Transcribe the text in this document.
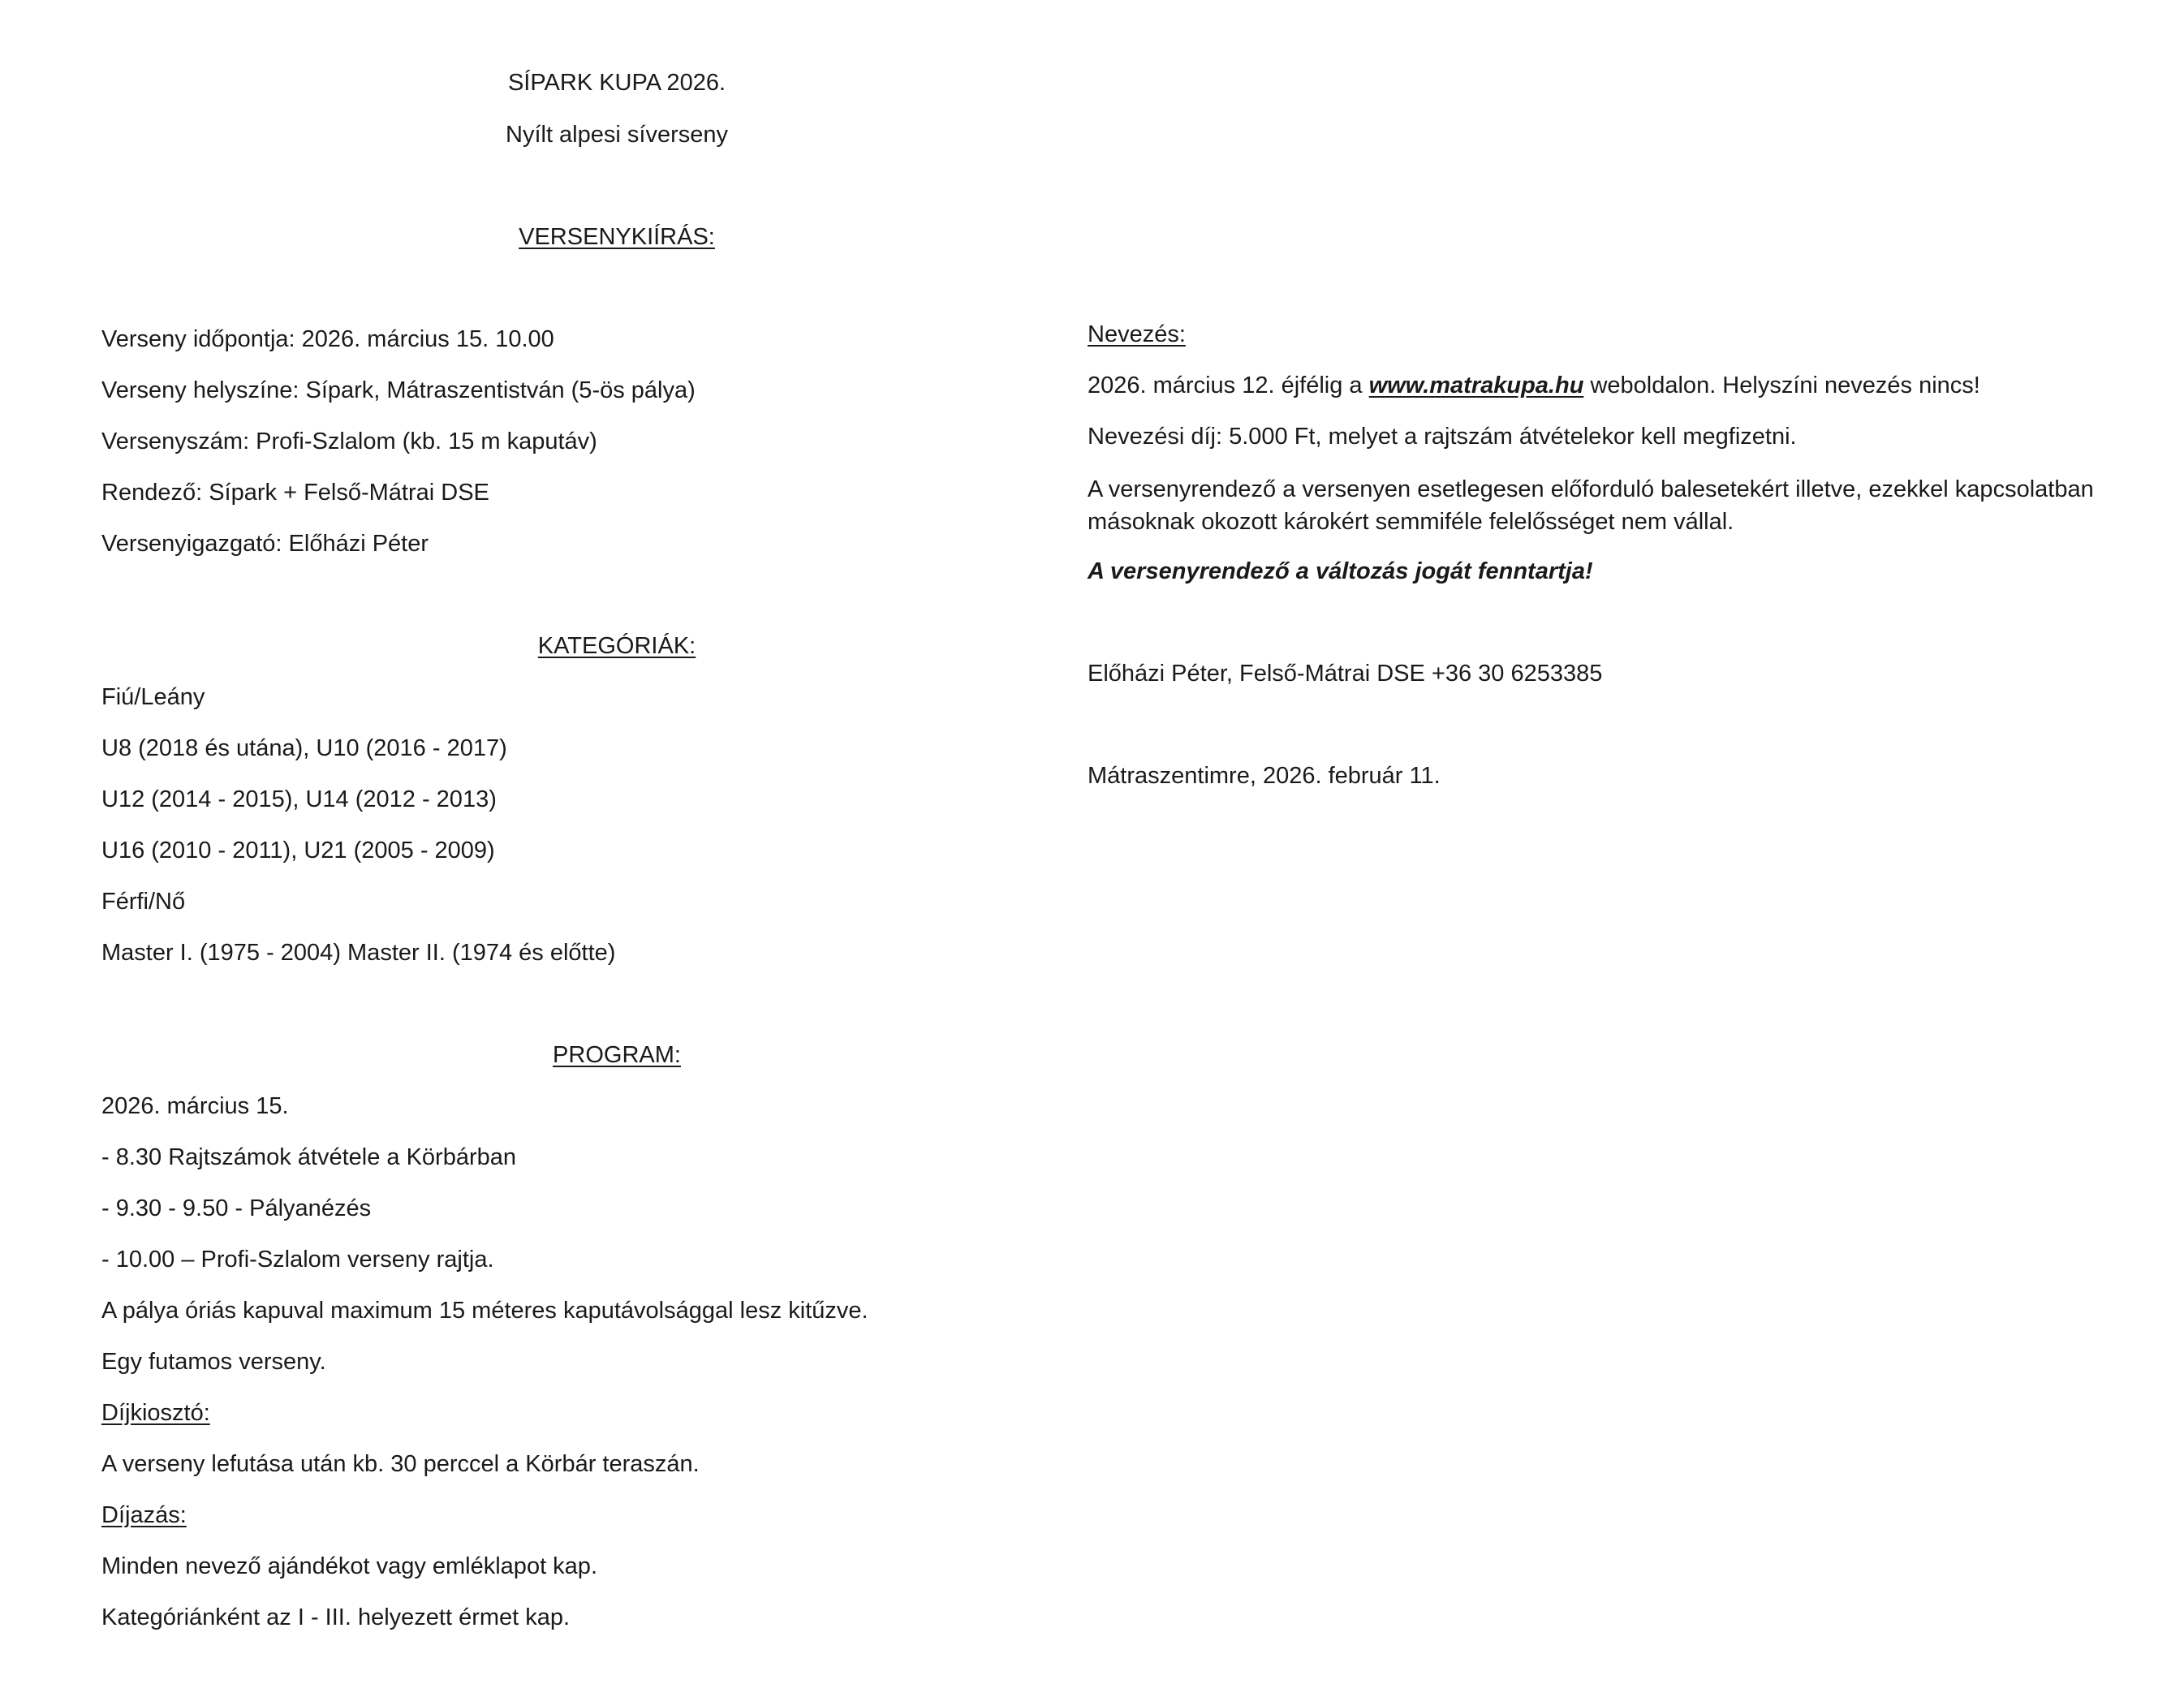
SÍPARK KUPA 2026.
Nyílt alpesi síverseny
VERSENYKIÍRÁS:
Verseny időpontja: 2026. március 15. 10.00
Verseny helyszíne: Sípark, Mátraszentistván (5-ös pálya)
Versenyszám: Profi-Szlalom (kb. 15 m kaputáv)
Rendező: Sípark + Felső-Mátrai DSE
Versenyigazgató: Előházi Péter
KATEGÓRIÁK:
Fiú/Leány
U8 (2018 és utána), U10 (2016 - 2017)
U12 (2014 - 2015), U14 (2012 - 2013)
U16 (2010 - 2011), U21 (2005 - 2009)
Férfi/Nő
Master I. (1975 - 2004) Master II. (1974 és előtte)
PROGRAM:
2026. március 15.
- 8.30 Rajtszámok átvétele a Körbárban
- 9.30 - 9.50 - Pályanézés
- 10.00 – Profi-Szlalom verseny rajtja.
A pálya óriás kapuval maximum 15 méteres kaputávolsággal lesz kitűzve.
Egy futamos verseny.
Díjkiosztó:
A verseny lefutása után kb. 30 perccel a Körbár teraszán.
Díjazás:
Minden nevező ajándékot vagy emléklapot kap.
Kategóriánként az I - III. helyezett érmet kap.
Nevezés:
2026. március 12. éjfélig a www.matrakupa.hu weboldalon. Helyszíni nevezés nincs!
Nevezési díj: 5.000 Ft, melyet a rajtszám átvételekor kell megfizetni.
A versenyrendező a versenyen esetlegesen előforduló balesetekért illetve, ezekkel kapcsolatban másoknak okozott károkért semmiféle felelősséget nem vállal.
A versenyrendező a változás jogát fenntartja!
Előházi Péter, Felső-Mátrai DSE +36 30 6253385
Mátraszentimre, 2026. február 11.
